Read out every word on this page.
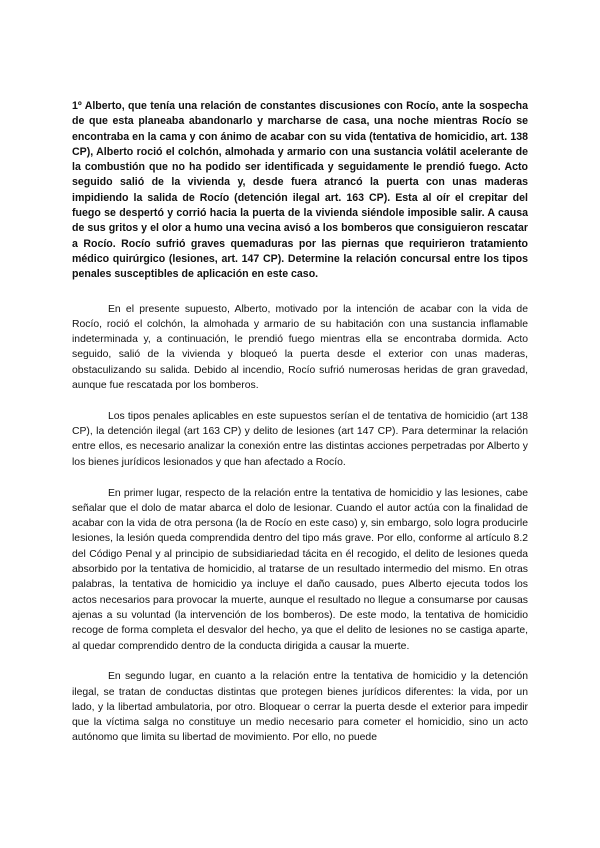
1º Alberto, que tenía una relación de constantes discusiones con Rocío, ante la sospecha de que esta planeaba abandonarlo y marcharse de casa, una noche mientras Rocío se encontraba en la cama y con ánimo de acabar con su vida (tentativa de homicidio, art. 138 CP), Alberto roció el colchón, almohada y armario con una sustancia volátil acelerante de la combustión que no ha podido ser identificada y seguidamente le prendió fuego. Acto seguido salió de la vivienda y, desde fuera atrancó la puerta con unas maderas impidiendo la salida de Rocío (detención ilegal art. 163 CP). Esta al oír el crepitar del fuego se despertó y corrió hacia la puerta de la vivienda siéndole imposible salir. A causa de sus gritos y el olor a humo una vecina avisó a los bomberos que consiguieron rescatar a Rocío. Rocío sufrió graves quemaduras por las piernas que requirieron tratamiento médico quirúrgico (lesiones, art. 147 CP). Determine la relación concursal entre los tipos penales susceptibles de aplicación en este caso.

En el presente supuesto, Alberto, motivado por la intención de acabar con la vida de Rocío, roció el colchón, la almohada y armario de su habitación con una sustancia inflamable indeterminada y, a continuación, le prendió fuego mientras ella se encontraba dormida. Acto seguido, salió de la vivienda y bloqueó la puerta desde el exterior con unas maderas, obstaculizando su salida. Debido al incendio, Rocío sufrió numerosas heridas de gran gravedad, aunque fue rescatada por los bomberos.

Los tipos penales aplicables en este supuestos serían el de tentativa de homicidio (art 138 CP), la detención ilegal (art 163 CP) y delito de lesiones (art 147 CP). Para determinar la relación entre ellos, es necesario analizar la conexión entre las distintas acciones perpetradas por Alberto y los bienes jurídicos lesionados y que han afectado a Rocío.

En primer lugar, respecto de la relación entre la tentativa de homicidio y las lesiones, cabe señalar que el dolo de matar abarca el dolo de lesionar. Cuando el autor actúa con la finalidad de acabar con la vida de otra persona (la de Rocío en este caso) y, sin embargo, solo logra producirle lesiones, la lesión queda comprendida dentro del tipo más grave. Por ello, conforme al artículo 8.2 del Código Penal y al principio de subsidiariedad tácita en él recogido, el delito de lesiones queda absorbido por la tentativa de homicidio, al tratarse de un resultado intermedio del mismo. En otras palabras, la tentativa de homicidio ya incluye el daño causado, pues Alberto ejecuta todos los actos necesarios para provocar la muerte, aunque el resultado no llegue a consumarse por causas ajenas a su voluntad (la intervención de los bomberos). De este modo, la tentativa de homicidio recoge de forma completa el desvalor del hecho, ya que el delito de lesiones no se castiga aparte, al quedar comprendido dentro de la conducta dirigida a causar la muerte.

En segundo lugar, en cuanto a la relación entre la tentativa de homicidio y la detención ilegal, se tratan de conductas distintas que protegen bienes jurídicos diferentes: la vida, por un lado, y la libertad ambulatoria, por otro. Bloquear o cerrar la puerta desde el exterior para impedir que la víctima salga no constituye un medio necesario para cometer el homicidio, sino un acto autónomo que limita su libertad de movimiento. Por ello, no puede
